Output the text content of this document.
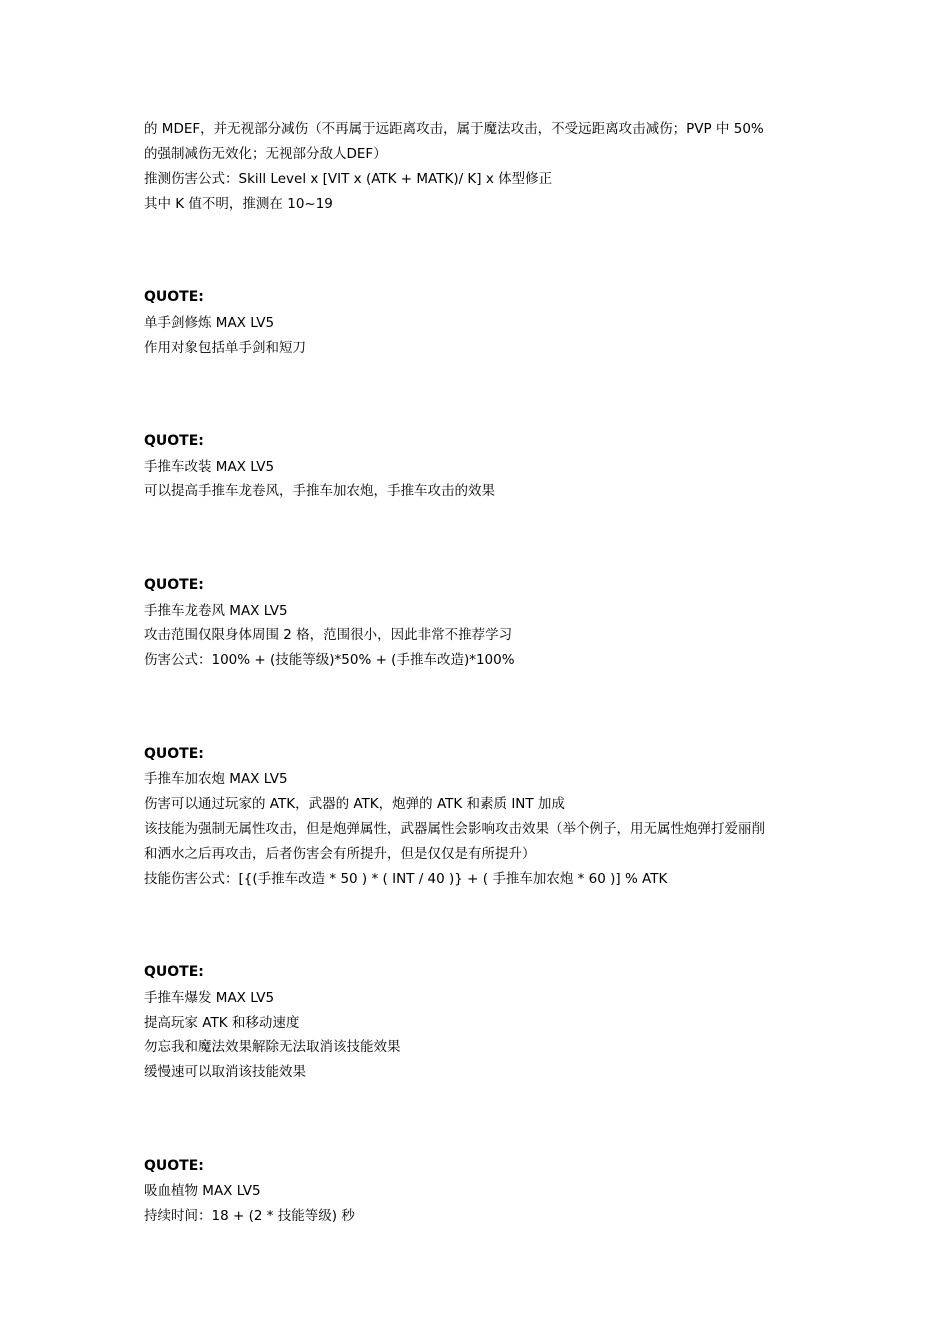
的 MDEF，并无视部分减伤（不再属于远距离攻击，属于魔法攻击，不受远距离攻击减伤；PVP 中 50%
的强制减伤无效化；无视部分敌人DEF）
推测伤害公式：Skill Level x [VIT x (ATK + MATK)/ K] x 体型修正
其中 K 值不明，推测在 10~19
QUOTE:
单手剑修炼 MAX LV5
作用对象包括单手剑和短刀
QUOTE:
手推车改装 MAX LV5
可以提高手推车龙卷风，手推车加农炮，手推车攻击的效果
QUOTE:
手推车龙卷风 MAX LV5
攻击范围仅限身体周围 2 格，范围很小，因此非常不推荐学习
伤害公式：100% + (技能等级)*50% + (手推车改造)*100%
QUOTE:
手推车加农炮 MAX LV5
伤害可以通过玩家的 ATK，武器的 ATK，炮弹的 ATK 和素质 INT 加成
该技能为强制无属性攻击，但是炮弹属性，武器属性会影响攻击效果（举个例子，用无属性炮弹打爱丽削
和洒水之后再攻击，后者伤害会有所提升，但是仅仅是有所提升）
技能伤害公式：[{(手推车改造 * 50 ) * ( INT / 40 )} + ( 手推车加农炮 * 60 )] % ATK
QUOTE:
手推车爆发 MAX LV5
提高玩家 ATK 和移动速度
勿忘我和魔法效果解除无法取消该技能效果
缓慢速可以取消该技能效果
QUOTE:
吸血植物 MAX LV5
持续时间：18 + (2 * 技能等级) 秒
